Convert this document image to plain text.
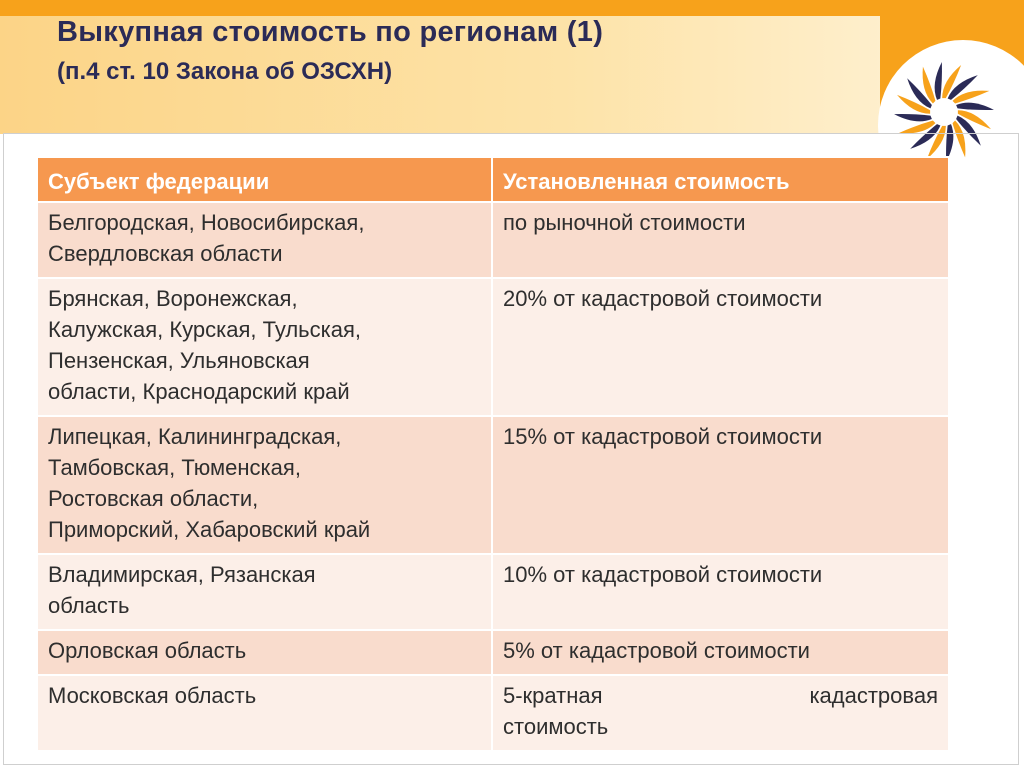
Выкупная стоимость по регионам (1)
(п.4 ст. 10 Закона об ОЗСХН)
Субъект федерации	Установленная стоимость

Белгородская, Новосибирская,
Свердловская области	по рыночной стоимости

Брянская, Воронежская,
Калужская, Курская, Тульская,
Пензенская, Ульяновская
области, Краснодарский край	20% от кадастровой стоимости

Липецкая, Калининградская,
Тамбовская, Тюменская,
Ростовская области,
Приморский, Хабаровский край	15% от кадастровой стоимости

Владимирская, Рязанская
область	10% от кадастровой стоимости

Орловская область	5% от кадастровой стоимости

Московская область	5-кратная кадастровая
стоимость
